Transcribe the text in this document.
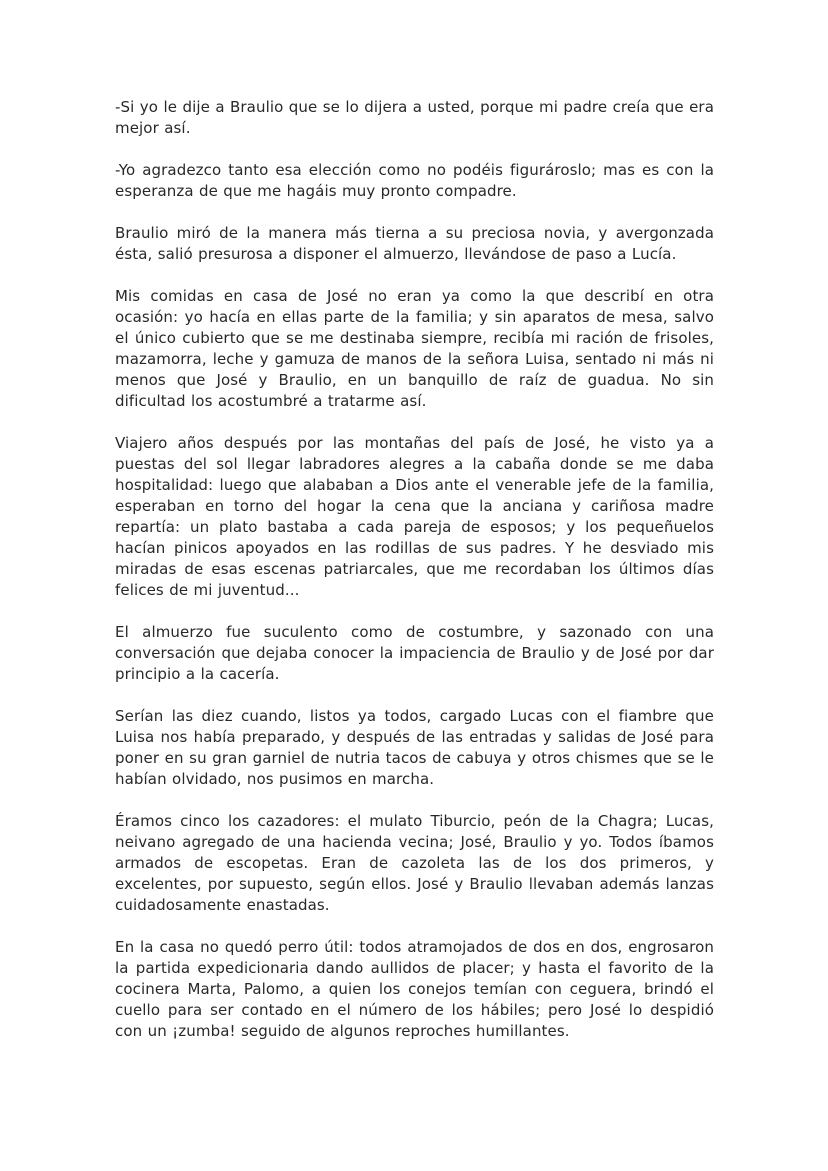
-Si yo le dije a Braulio que se lo dijera a usted, porque mi padre creía que era mejor así.

-Yo agradezco tanto esa elección como no podéis figurároslo; mas es con la esperanza de que me hagáis muy pronto compadre.

Braulio miró de la manera más tierna a su preciosa novia, y avergonzada ésta, salió presurosa a disponer el almuerzo, llevándose de paso a Lucía.

Mis comidas en casa de José no eran ya como la que describí en otra ocasión: yo hacía en ellas parte de la familia; y sin aparatos de mesa, salvo el único cubierto que se me destinaba siempre, recibía mi ración de frisoles, mazamorra, leche y gamuza de manos de la señora Luisa, sentado ni más ni menos que José y Braulio, en un banquillo de raíz de guadua. No sin dificultad los acostumbré a tratarme así.

Viajero años después por las montañas del país de José, he visto ya a puestas del sol llegar labradores alegres a la cabaña donde se me daba hospitalidad: luego que alababan a Dios ante el venerable jefe de la familia, esperaban en torno del hogar la cena que la anciana y cariñosa madre repartía: un plato bastaba a cada pareja de esposos; y los pequeñuelos hacían pinicos apoyados en las rodillas de sus padres. Y he desviado mis miradas de esas escenas patriarcales, que me recordaban los últimos días felices de mi juventud...

El almuerzo fue suculento como de costumbre, y sazonado con una conversación que dejaba conocer la impaciencia de Braulio y de José por dar principio a la cacería.

Serían las diez cuando, listos ya todos, cargado Lucas con el fiambre que Luisa nos había preparado, y después de las entradas y salidas de José para poner en su gran garniel de nutria tacos de cabuya y otros chismes que se le habían olvidado, nos pusimos en marcha.

Éramos cinco los cazadores: el mulato Tiburcio, peón de la Chagra; Lucas, neivano agregado de una hacienda vecina; José, Braulio y yo. Todos íbamos armados de escopetas. Eran de cazoleta las de los dos primeros, y excelentes, por supuesto, según ellos. José y Braulio llevaban además lanzas cuidadosamente enastadas.

En la casa no quedó perro útil: todos atramojados de dos en dos, engrosaron la partida expedicionaria dando aullidos de placer; y hasta el favorito de la cocinera Marta, Palomo, a quien los conejos temían con ceguera, brindó el cuello para ser contado en el número de los hábiles; pero José lo despidió con un ¡zumba! seguido de algunos reproches humillantes.
